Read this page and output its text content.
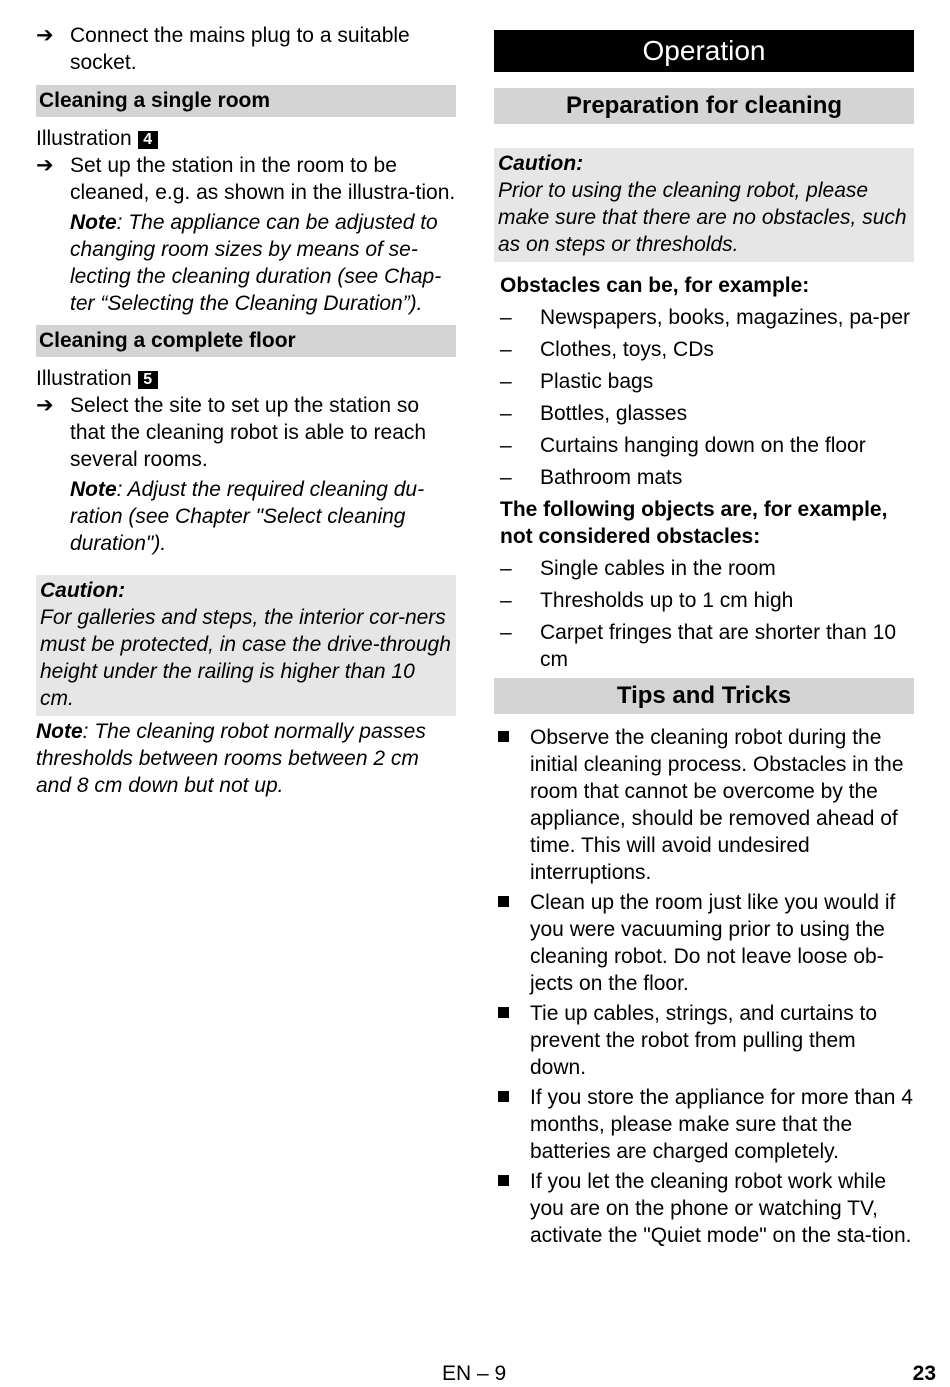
➔ Connect the mains plug to a suitable socket.

Cleaning a single room

Illustration 4

➔ Set up the station in the room to be cleaned, e.g. as shown in the illustra-tion.

Note: The appliance can be adjusted to changing room sizes by means of se-lecting the cleaning duration (see Chap-ter “Selecting the Cleaning Duration”).

Cleaning a complete floor

Illustration 5

➔ Select the site to set up the station so that the cleaning robot is able to reach several rooms.

Note: Adjust the required cleaning du-ration (see Chapter "Select cleaning duration").

Caution:

For galleries and steps, the interior cor-ners must be protected, in case the drive-through height under the railing is higher than 10 cm.

Note: The cleaning robot normally passes thresholds between rooms between 2 cm and 8 cm down but not up.

Operation
Preparation for cleaning

Caution:

Prior to using the cleaning robot, please make sure that there are no obstacles, such as on steps or thresholds.

Obstacles can be, for example:

– Newspapers, books, magazines, pa-per
– Clothes, toys, CDs
– Plastic bags
– Bottles, glasses
– Curtains hanging down on the floor
– Bathroom mats

The following objects are, for example, not considered obstacles:

– Single cables in the room
– Thresholds up to 1 cm high
– Carpet fringes that are shorter than 10 cm
Tips and Tricks
Observe the cleaning robot during the initial cleaning process. Obstacles in the room that cannot be overcome by the appliance, should be removed ahead of time. This will avoid undesired interruptions.
Clean up the room just like you would if you were vacuuming prior to using the cleaning robot. Do not leave loose ob-jects on the floor.
Tie up cables, strings, and curtains to prevent the robot from pulling them down.
If you store the appliance for more than 4 months, please make sure that the batteries are charged completely.
If you let the cleaning robot work while you are on the phone or watching TV, activate the "Quiet mode" on the sta-tion.
EN – 9	23
